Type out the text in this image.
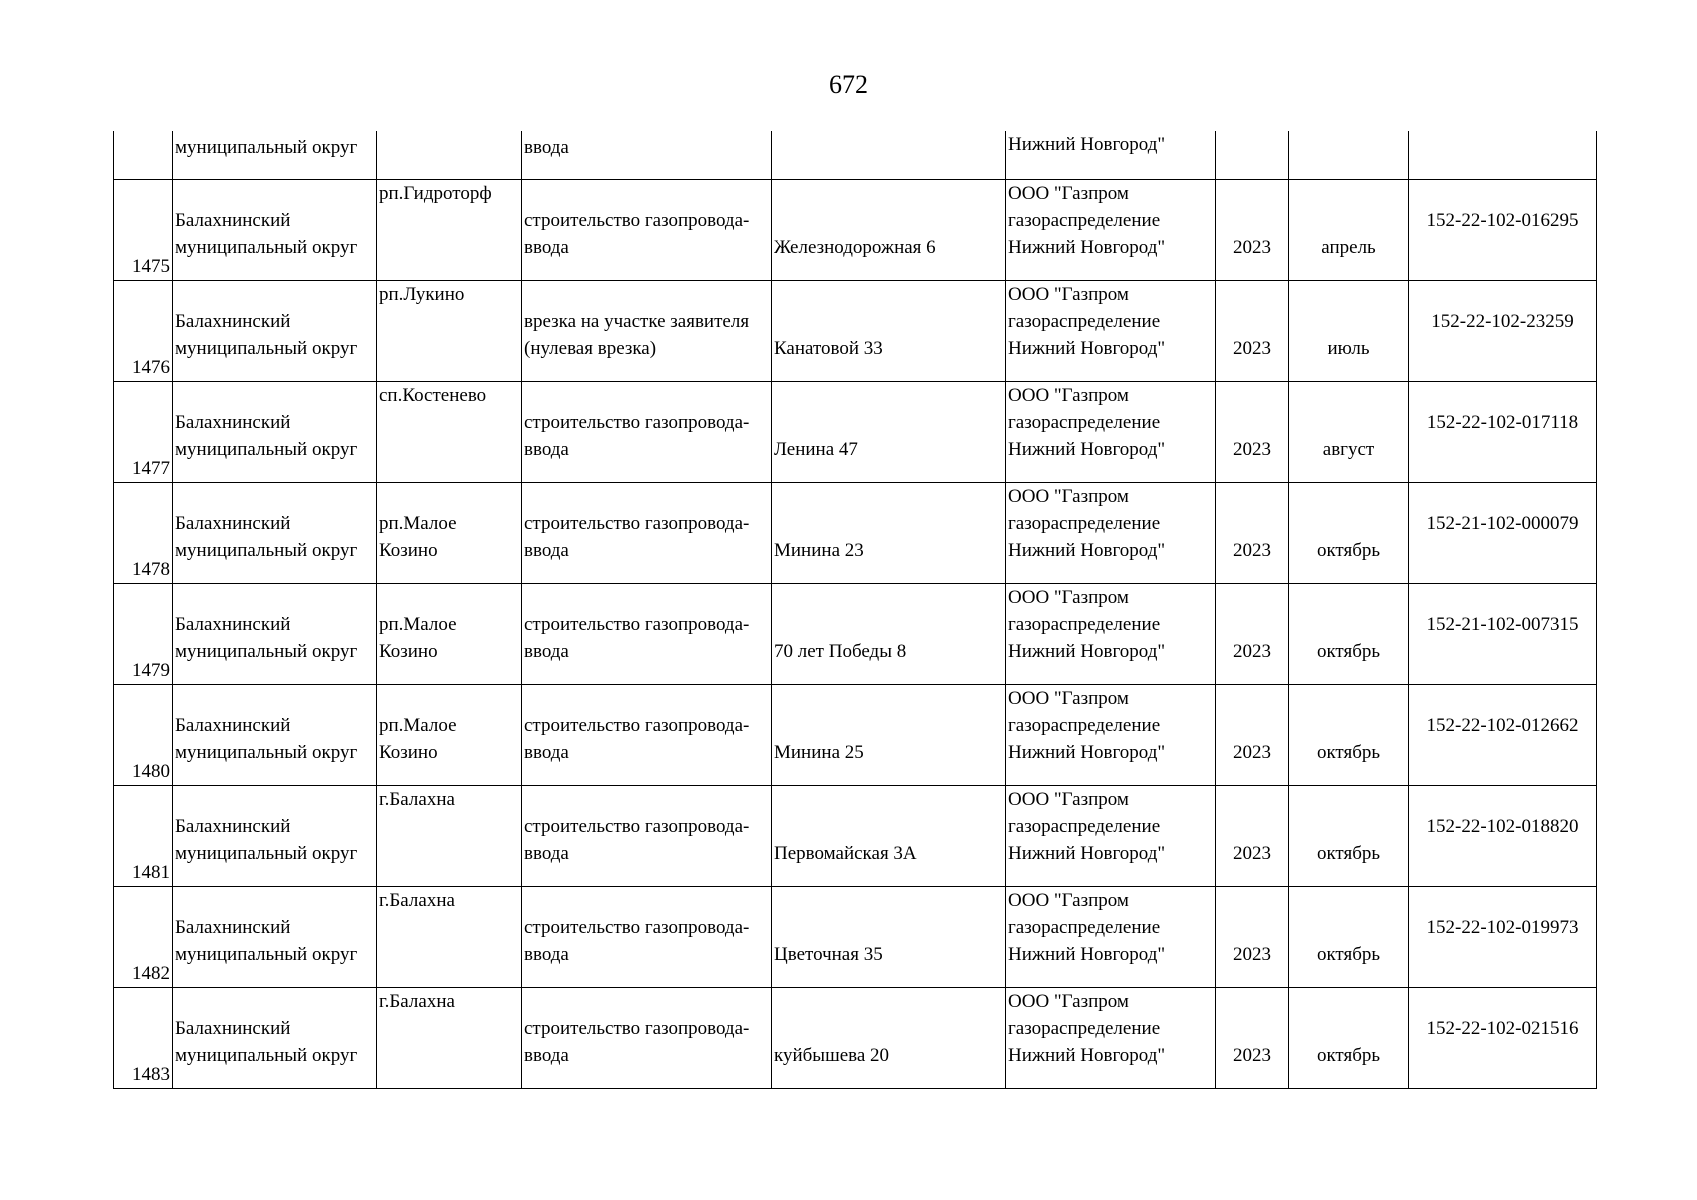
672

	муниципальный округ		ввода		Нижний Новгород"			

1475	Балахнинский
муниципальный округ	рп.Гидроторф	строительство газопровода-
ввода	Железнодорожная 6	ООО "Газпром
газораспределение
Нижний Новгород"	2023	апрель	152-22-102-016295

1476	Балахнинский
муниципальный округ	рп.Лукино	врезка на участке заявителя
(нулевая врезка)	Канатовой 33	ООО "Газпром
газораспределение
Нижний Новгород"	2023	июль	152-22-102-23259

1477	Балахнинский
муниципальный округ	сп.Костенево	строительство газопровода-
ввода	Ленина 47	ООО "Газпром
газораспределение
Нижний Новгород"	2023	август	152-22-102-017118

1478	Балахнинский
муниципальный округ	рп.Малое
Козино	строительство газопровода-
ввода	Минина 23	ООО "Газпром
газораспределение
Нижний Новгород"	2023	октябрь	152-21-102-000079

1479	Балахнинский
муниципальный округ	рп.Малое
Козино	строительство газопровода-
ввода	70 лет Победы 8	ООО "Газпром
газораспределение
Нижний Новгород"	2023	октябрь	152-21-102-007315

1480	Балахнинский
муниципальный округ	рп.Малое
Козино	строительство газопровода-
ввода	Минина 25	ООО "Газпром
газораспределение
Нижний Новгород"	2023	октябрь	152-22-102-012662

1481	Балахнинский
муниципальный округ	г.Балахна	строительство газопровода-
ввода	Первомайская 3А	ООО "Газпром
газораспределение
Нижний Новгород"	2023	октябрь	152-22-102-018820

1482	Балахнинский
муниципальный округ	г.Балахна	строительство газопровода-
ввода	Цветочная 35	ООО "Газпром
газораспределение
Нижний Новгород"	2023	октябрь	152-22-102-019973

1483	Балахнинский
муниципальный округ	г.Балахна	строительство газопровода-
ввода	куйбышева 20	ООО "Газпром
газораспределение
Нижний Новгород"	2023	октябрь	152-22-102-021516
